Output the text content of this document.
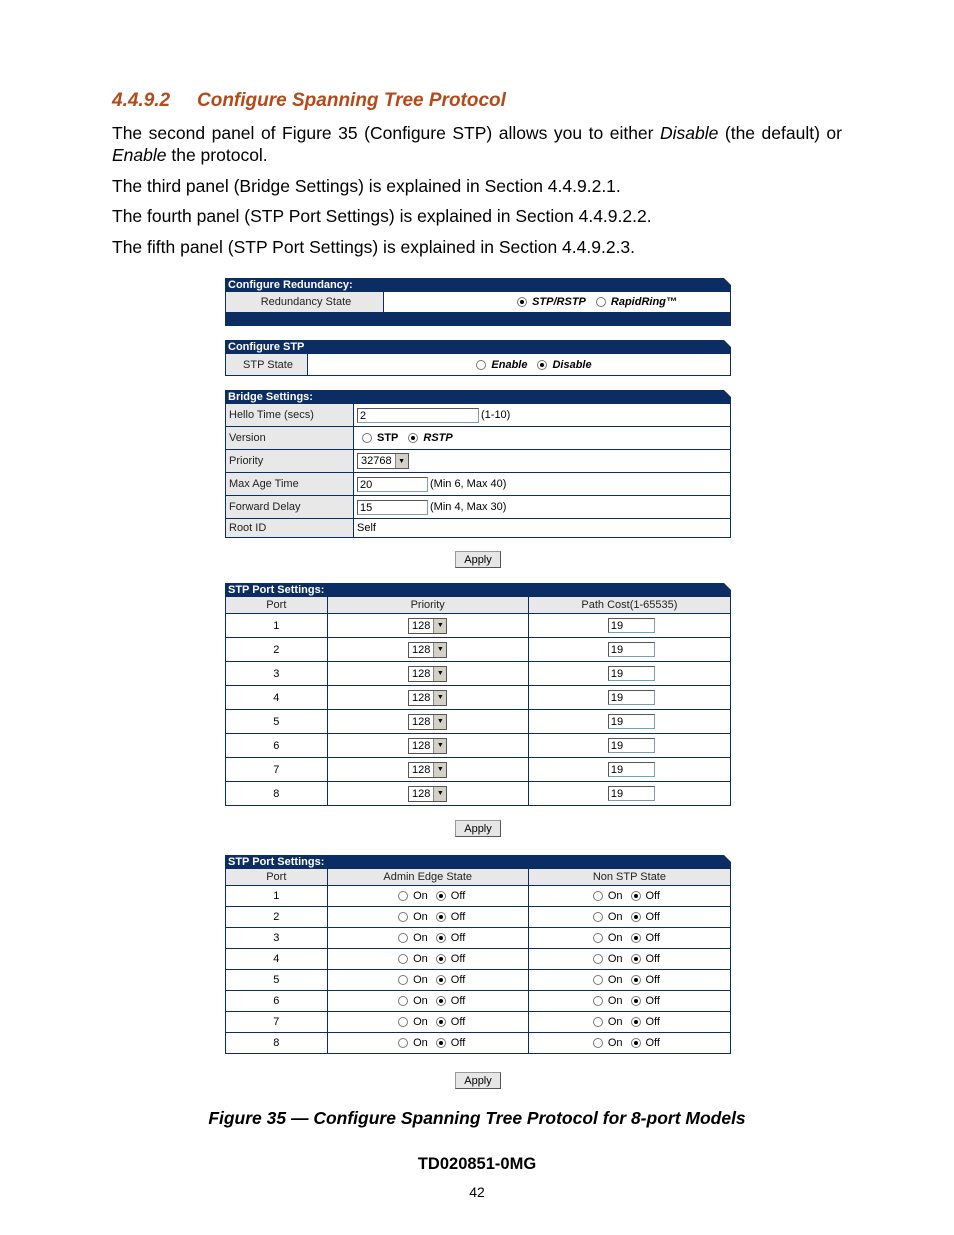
4.4.9.2 Configure Spanning Tree Protocol

The second panel of Figure 35 (Configure STP) allows you to either Disable (the default) or Enable the protocol.

The third panel (Bridge Settings) is explained in Section 4.4.9.2.1.

The fourth panel (STP Port Settings) is explained in Section 4.4.9.2.2.

The fifth panel (STP Port Settings) is explained in Section 4.4.9.2.3.

Configure Redundancy:
Redundancy State	STP/RSTP RapidRing™
Configure STP
STP State	Enable Disable
Bridge Settings:
Hello Time (secs)	2	(1-10)
Version	STP RSTP
Priority	32768 ▼
Max Age Time	20	(Min 6, Max 40)
Forward Delay	15	(Min 4, Max 30)
Root ID	Self
Apply
STP Port Settings:
Port	Priority	Path Cost(1-65535)
1	128 ▼	19
2	128 ▼	19
3	128 ▼	19
4	128 ▼	19
5	128 ▼	19
6	128 ▼	19
7	128 ▼	19
8	128 ▼	19
Apply
STP Port Settings:
Port	Admin Edge State	Non STP State
1	On Off	On Off
2	On Off	On Off
3	On Off	On Off
4	On Off	On Off
5	On Off	On Off
6	On Off	On Off
7	On Off	On Off
8	On Off	On Off
Apply

Figure 35 — Configure Spanning Tree Protocol for 8-port Models

TD020851-0MG
42
